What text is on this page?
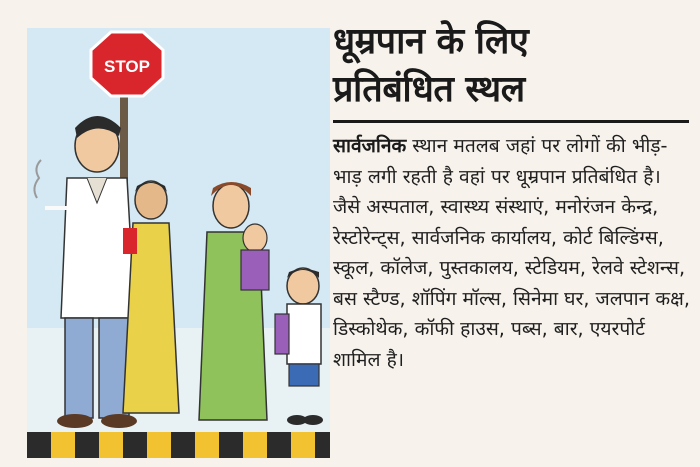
STOP
धूम्रपान के लिए
प्रतिबंधित स्थल

सार्वजनिक स्थान मतलब जहां पर लोगों की भीड़-भाड़ लगी रहती है वहां पर धूम्रपान प्रतिबंधित है। जैसे अस्पताल, स्वास्थ्य संस्थाएं, मनोरंजन केन्द्र, रेस्टोरेन्ट्स, सार्वजनिक कार्यालय, कोर्ट बिल्डिंग्स, स्कूल, कॉलेज, पुस्तकालय, स्टेडियम, रेलवे स्टेशन्स, बस स्टैण्ड, शॉपिंग मॉल्स, सिनेमा घर, जलपान कक्ष, डिस्कोथेक, कॉफी हाउस, पब्स, बार, एयरपोर्ट शामिल है।
